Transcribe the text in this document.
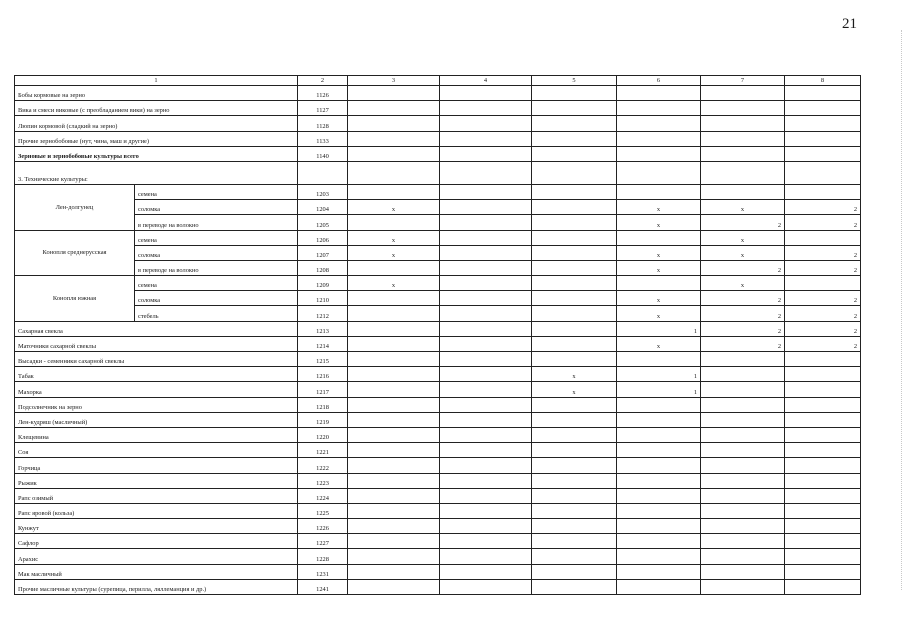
21
1		2	3	4	5	6	7	8
Бобы кормовые на зерно		1126						
Вика и смеси виковые (с преобладанием вики) на зерно		1127						
Люпин кормовой (сладкий на зерно)		1128						
Прочие зернобобовые (нут, чина, маш и другие)		1133						
Зерновые и зернобобовые культуры всего		1140						
3. Технические культуры:								
Лен-долгунец	семена	1203						
	соломка	1204	x			x	x	2
	в переводе на волокно	1205				x	2	2
Конопля среднерусская	семена	1206	x				x	
	соломка	1207	x			x	x	2
	в переводе на волокно	1208				x	2	2
Конопля южная	семена	1209	x				x	
	соломка	1210				x	2	2
	стебель	1212				x	2	2
Сахарная свекла		1213				1	2	2
Маточники сахарной свеклы		1214				x	2	2
Высадки - семенники сахарной свеклы		1215						
Табак		1216			x	1		
Махорка		1217			x	1		
Подсолнечник на зерно		1218						
Лен-кудряш (масличный)		1219						
Клещевина		1220						
Соя		1221						
Горчица		1222						
Рыжик		1223						
Рапс озимый		1224						
Рапс яровой (кольза)		1225						
Кунжут		1226						
Сафлор		1227						
Арахис		1228						
Мак масличный		1231						
Прочие масличные культуры (сурепица, перилла, ляллеманция и др.)		1241						
